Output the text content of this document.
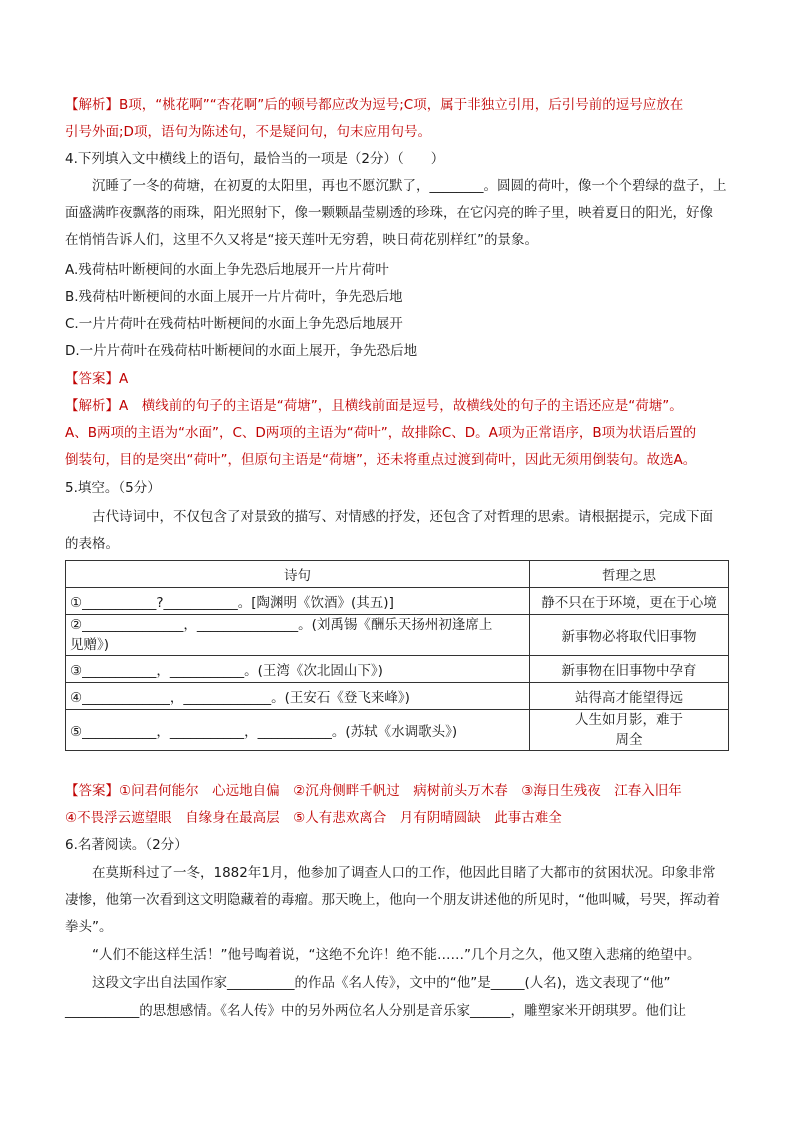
【解析】B项，“桃花啊”“杏花啊”后的顿号都应改为逗号;C项，属于非独立引用，后引号前的逗号应放在
引号外面;D项，语句为陈述句，不是疑问句，句末应用句号。
4.下列填入文中横线上的语句，最恰当的一项是（2分）（　　）
沉睡了一冬的荷塘，在初夏的太阳里，再也不愿沉默了，________。圆圆的荷叶，像一个个碧绿的盘子，上
面盛满昨夜飘落的雨珠，阳光照射下，像一颗颗晶莹剔透的珍珠，在它闪亮的眸子里，映着夏日的阳光，好像
在悄悄告诉人们，这里不久又将是“接天莲叶无穷碧，映日荷花别样红”的景象。
A.残荷枯叶断梗间的水面上争先恐后地展开一片片荷叶
B.残荷枯叶断梗间的水面上展开一片片荷叶，争先恐后地
C.一片片荷叶在残荷枯叶断梗间的水面上争先恐后地展开
D.一片片荷叶在残荷枯叶断梗间的水面上展开，争先恐后地
【答案】A
【解析】A　横线前的句子的主语是“荷塘”，且横线前面是逗号，故横线处的句子的主语还应是“荷塘”。
A、B两项的主语为“水面”，C、D两项的主语为“荷叶”，故排除C、D。A项为正常语序，B项为状语后置的
倒装句，目的是突出“荷叶”，但原句主语是“荷塘”，还未将重点过渡到荷叶，因此无须用倒装句。故选A。
5.填空。（5分）
古代诗词中，不仅包含了对景致的描写、对情感的抒发，还包含了对哲理的思索。请根据提示，完成下面
的表格。
诗句	哲理之思
①___________?___________。[陶渊明《饮酒》(其五)]	静不只在于环境，更在于心境

②_______________，_______________。(刘禹锡《酬乐天扬州初逢席上
见赠》)	新事物必将取代旧事物
③___________，___________。(王湾《次北固山下》)	新事物在旧事物中孕育
④_____________，_____________。(王安石《登飞来峰》)	站得高才能望得远
⑤___________，___________，___________。(苏轼《水调歌头》)	人生如月影，难于
周全
【答案】①问君何能尔　心远地自偏　②沉舟侧畔千帆过　病树前头万木春　③海日生残夜　江春入旧年
④不畏浮云遮望眼　自缘身在最高层　⑤人有悲欢离合　月有阴晴圆缺　此事古难全
6.名著阅读。（2分）
在莫斯科过了一冬，1882年1月，他参加了调查人口的工作，他因此目睹了大都市的贫困状况。印象非常
凄惨，他第一次看到这文明隐藏着的毒瘤。那天晚上，他向一个朋友讲述他的所见时，“他叫喊，号哭，挥动着
拳头”。
“人们不能这样生活！”他号啕着说，“这绝不允许！绝不能……”几个月之久，他又堕入悲痛的绝望中。
这段文字出自法国作家__________的作品《名人传》，文中的“他”是_____(人名)，选文表现了“他”
___________的思想感情。《名人传》中的另外两位名人分别是音乐家______，雕塑家米开朗琪罗。他们让
